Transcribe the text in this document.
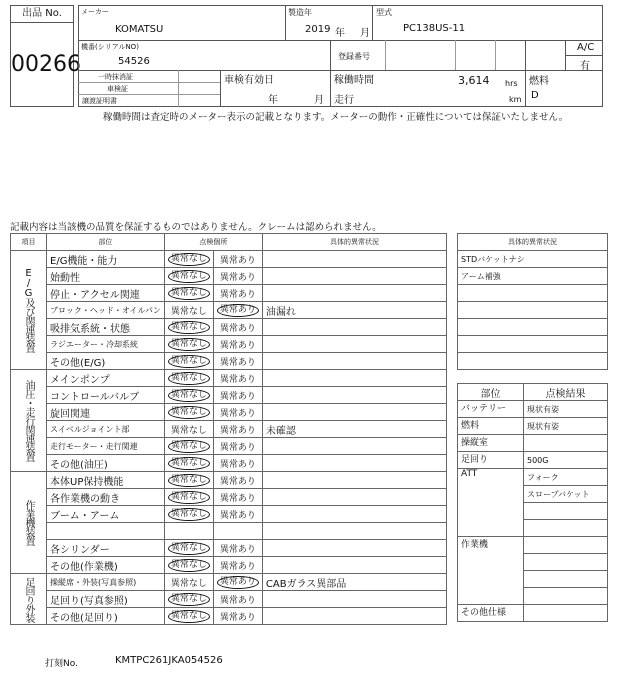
出品 No.
00266
メーカー
KOMATSU
製造年
2019 年 月
型式
PC138US-11
機番(シリアルNO)
54526	登録番号
A/C
有
一時抹消証
車検証
譲渡証明書
車検有効日
年	月
稼働時間	3,614 hrs
走行	km
燃料
D
稼働時間は査定時のメーター表示の記載となります。メーターの動作・正確性については保証いたしません。
記載内容は当該機の品質を保証するものではありません。クレームは認められません。
項目	部位	点検個所		具体的異常状況
E/G及び関連装置	E/G機能・能力	異常なし	異常あり	
	始動性	異常なし	異常あり	
	停止・アクセル関連	異常なし	異常あり	
	ブロック・ヘッド・オイルパン	異常なし	異常あり	油漏れ
	吸排気系統・状態	異常なし	異常あり	
	ラジエーター・冷却系統	異常なし	異常あり	
	その他(E/G)	異常なし	異常あり	
油圧・走行関連装置	メインポンプ	異常なし	異常あり	
	コントロールバルブ	異常なし	異常あり	
	旋回関連	異常なし	異常あり	
	スイベルジョイント部	異常なし	異常あり	未確認
	走行モーター・走行関連	異常なし	異常あり	
	その他(油圧)	異常なし	異常あり	
作業機装置	本体UP保持機能	異常なし	異常あり	
	各作業機の動き	異常なし	異常あり	
	ブーム・アーム	異常なし	異常あり	

	各シリンダー	異常なし	異常あり	
	その他(作業機)	異常なし	異常あり	
足回り外装	操縦席・外装(写真参照)	異常なし	異常あり	CABガラス異部品
	足回り(写真参照)	異常なし	異常あり	
	その他(足回り)	異常なし	異常あり	
具体的異常状況
STDバケットナシ
アーム補強

部位	点検結果
バッテリー	現状有姿
燃料	現状有姿
操縦室	
足回り	500G
ATT	フォーク
	スロープバケット

作業機	

その他仕様	
打刻No.	KMTPC261JKA054526
